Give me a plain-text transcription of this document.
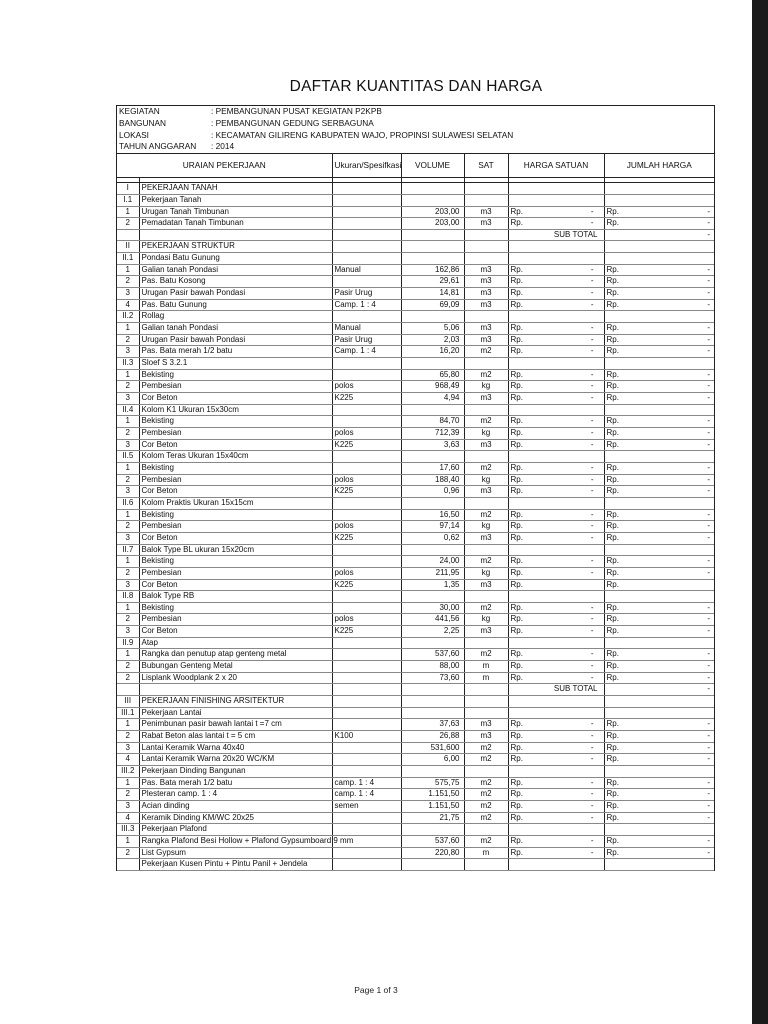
DAFTAR KUANTITAS DAN HARGA
KEGIATAN	: PEMBANGUNAN PUSAT KEGIATAN P2KPB
BANGUNAN	: PEMBANGUNAN GEDUNG SERBAGUNA
LOKASI	: KECAMATAN GILIRENG KABUPATEN WAJO, PROPINSI SULAWESI SELATAN
TAHUN ANGGARAN : 2014
URAIAN PEKERJAAN		Ukuran/Spesifkasi	VOLUME	SAT	HARGA SATUAN	JUMLAH HARGA

I	PEKERJAAN TANAH					
I.1	Pekerjaan Tanah					
1	Urugan Tanah Timbunan		203,00	m3	Rp. -	Rp. -

2	Pemadatan Tanah Timbunan		203,00	m3	Rp. -	Rp. -

					SUB TOTAL	-

II	PEKERJAAN STRUKTUR					
II.1	Pondasi Batu Gunung					
1	Galian tanah Pondasi	Manual	162,86	m3	Rp. -	Rp. -

2	Pas. Batu Kosong		29,61	m3	Rp. -	Rp. -

3	Urugan Pasir bawah Pondasi	Pasir Urug	14,81	m3	Rp. -	Rp. -

4	Pas. Batu Gunung	Camp. 1 : 4	69,09	m3	Rp. -	Rp. -

II.2	Rollag					
1	Galian tanah Pondasi	Manual	5,06	m3	Rp. -	Rp. -

2	Urugan Pasir bawah Pondasi	Pasir Urug	2,03	m3	Rp. -	Rp. -

3	Pas. Bata merah 1/2 batu	Camp. 1 : 4	16,20	m2	Rp. -	Rp. -

II.3	Sloef S 3.2.1					
1	Bekisting		65,80	m2	Rp. -	Rp. -

2	Pembesian	polos	968,49	kg	Rp. -	Rp. -

3	Cor Beton	K225	4,94	m3	Rp. -	Rp. -

II.4	Kolom K1 Ukuran 15x30cm					
1	Bekisting		84,70	m2	Rp. -	Rp. -

2	Pembesian	polos	712,39	kg	Rp. -	Rp. -

3	Cor Beton	K225	3,63	m3	Rp. -	Rp. -

II.5	Kolom Teras Ukuran 15x40cm					
1	Bekisting		17,60	m2	Rp. -	Rp. -

2	Pembesian	polos	188,40	kg	Rp. -	Rp. -

3	Cor Beton	K225	0,96	m3	Rp. -	Rp. -

II.6	Kolom Praktis Ukuran 15x15cm					
1	Bekisting		16,50	m2	Rp. -	Rp. -

2	Pembesian	polos	97,14	kg	Rp. -	Rp. -

3	Cor Beton	K225	0,62	m3	Rp. -	Rp. -

II.7	Balok Type BL ukuran 15x20cm					
1	Bekisting		24,00	m2	Rp. -	Rp. -

2	Pembesian	polos	211,95	kg	Rp. -	Rp. -

3	Cor Beton	K225	1,35	m3	Rp.	Rp.

II.8	Balok Type RB					
1	Bekisting		30,00	m2	Rp. -	Rp. -

2	Pembesian	polos	441,56	kg	Rp. -	Rp. -

3	Cor Beton	K225	2,25	m3	Rp. -	Rp. -

II.9	Atap					
1	Rangka dan penutup atap genteng metal		537,60	m2	Rp. -	Rp. -

2	Bubungan Genteng Metal		88,00	m	Rp. -	Rp. -

2	Lisplank Woodplank 2 x 20		73,60	m	Rp. -	Rp. -

					SUB TOTAL	-

III	PEKERJAAN FINISHING ARSITEKTUR					
III.1	Pekerjaan Lantai					
1	Penimbunan pasir bawah lantai t =7 cm		37,63	m3	Rp. -	Rp. -

2	Rabat Beton alas lantai t = 5 cm	K100	26,88	m3	Rp. -	Rp. -

3	Lantai Keramik Warna 40x40		531,600	m2	Rp. -	Rp. -

4	Lantai Keramik Warna 20x20 WC/KM		6,00	m2	Rp. -	Rp. -

III.2	Pekerjaan Dinding Bangunan					
1	Pas. Bata merah 1/2 batu	camp. 1 : 4	575,75	m2	Rp. -	Rp. -

2	Plesteran camp. 1 : 4	camp. 1 : 4	1.151,50	m2	Rp. -	Rp. -

3	Acian dinding	semen	1.151,50	m2	Rp. -	Rp. -

4	Keramik Dinding KM/WC 20x25		21,75	m2	Rp. -	Rp. -

III.3	Pekerjaan Plafond					
1	Rangka Plafond Besi Hollow + Plafond Gypsumboard 9 mm		537,60	m2	Rp. -	Rp. -

2	List Gypsum		220,80	m	Rp. -	Rp. -

	Pekerjaan Kusen Pintu + Pintu Panil + Jendela					
Page 1 of 3
